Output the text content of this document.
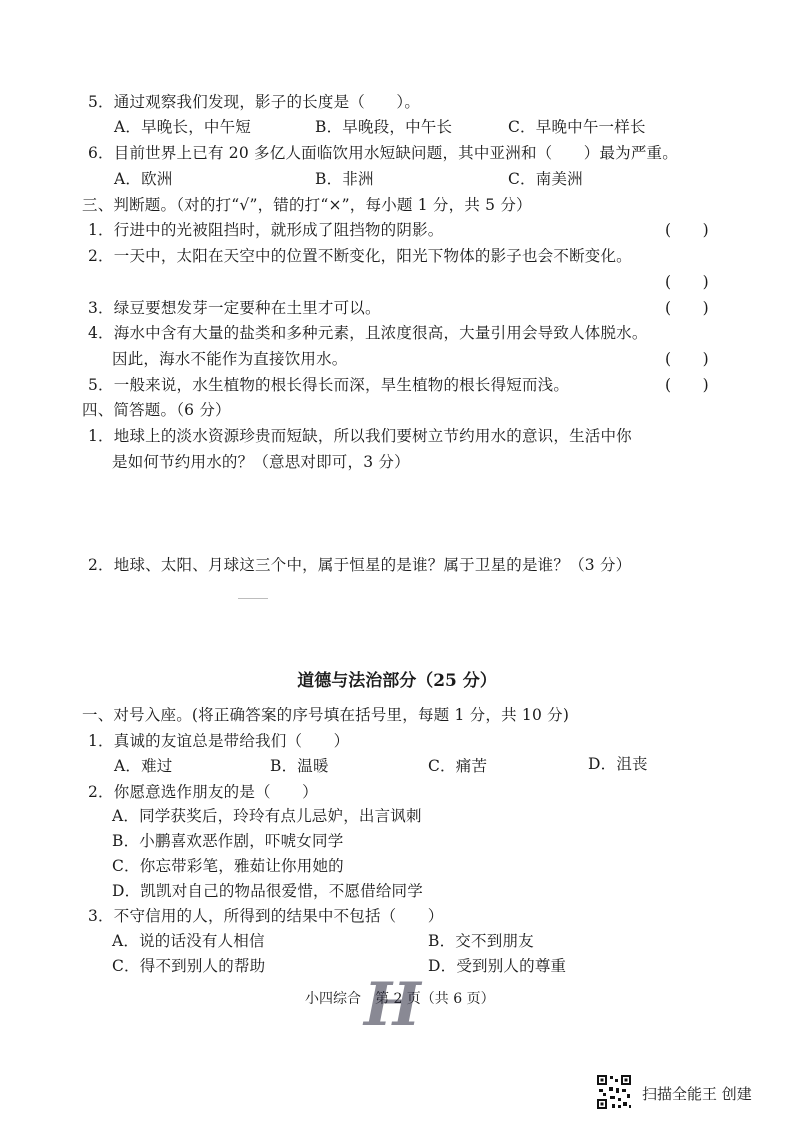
5．通过观察我们发现，影子的长度是（　　）。
A．早晚长，中午短	B．早晚段，中午长	C．早晚中午一样长
6．目前世界上已有 20 多亿人面临饮用水短缺问题，其中亚洲和（　　）最为严重。
A．欧洲	B．非洲	C．南美洲
三、判断题。（对的打“√”，错的打“×”，每小题 1 分，共 5 分）
1．行进中的光被阻挡时，就形成了阻挡物的阴影。	(　　)
2．一天中，太阳在天空中的位置不断变化，阳光下物体的影子也会不断变化。
(　　)
3．绿豆要想发芽一定要种在土里才可以。	(　　)
4．海水中含有大量的盐类和多种元素，且浓度很高，大量引用会导致人体脱水。
因此，海水不能作为直接饮用水。	(　　)
5．一般来说，水生植物的根长得长而深，旱生植物的根长得短而浅。	(　　)
四、简答题。（6 分）
1．地球上的淡水资源珍贵而短缺，所以我们要树立节约用水的意识，生活中你
是如何节约用水的？（意思对即可，3 分）
2．地球、太阳、月球这三个中，属于恒星的是谁？属于卫星的是谁？（3 分）
道德与法治部分（25 分）
一、对号入座。(将正确答案的序号填在括号里，每题 1 分，共 10 分)
1．真诚的友谊总是带给我们（　　）
A．难过	B．温暖	C．痛苦	D．沮丧
2．你愿意选作朋友的是（　　）
A．同学获奖后，玲玲有点儿忌妒，出言讽刺
B．小鹏喜欢恶作剧，吓唬女同学
C．你忘带彩笔，雅茹让你用她的
D．凯凯对自己的物品很爱惜，不愿借给同学
3．不守信用的人，所得到的结果中不包括（　　）
A．说的话没有人相信	B．交不到朋友
C．得不到别人的帮助	D．受到别人的尊重
小四综合　第 2 页（共 6 页）
H
扫描全能王 创建
